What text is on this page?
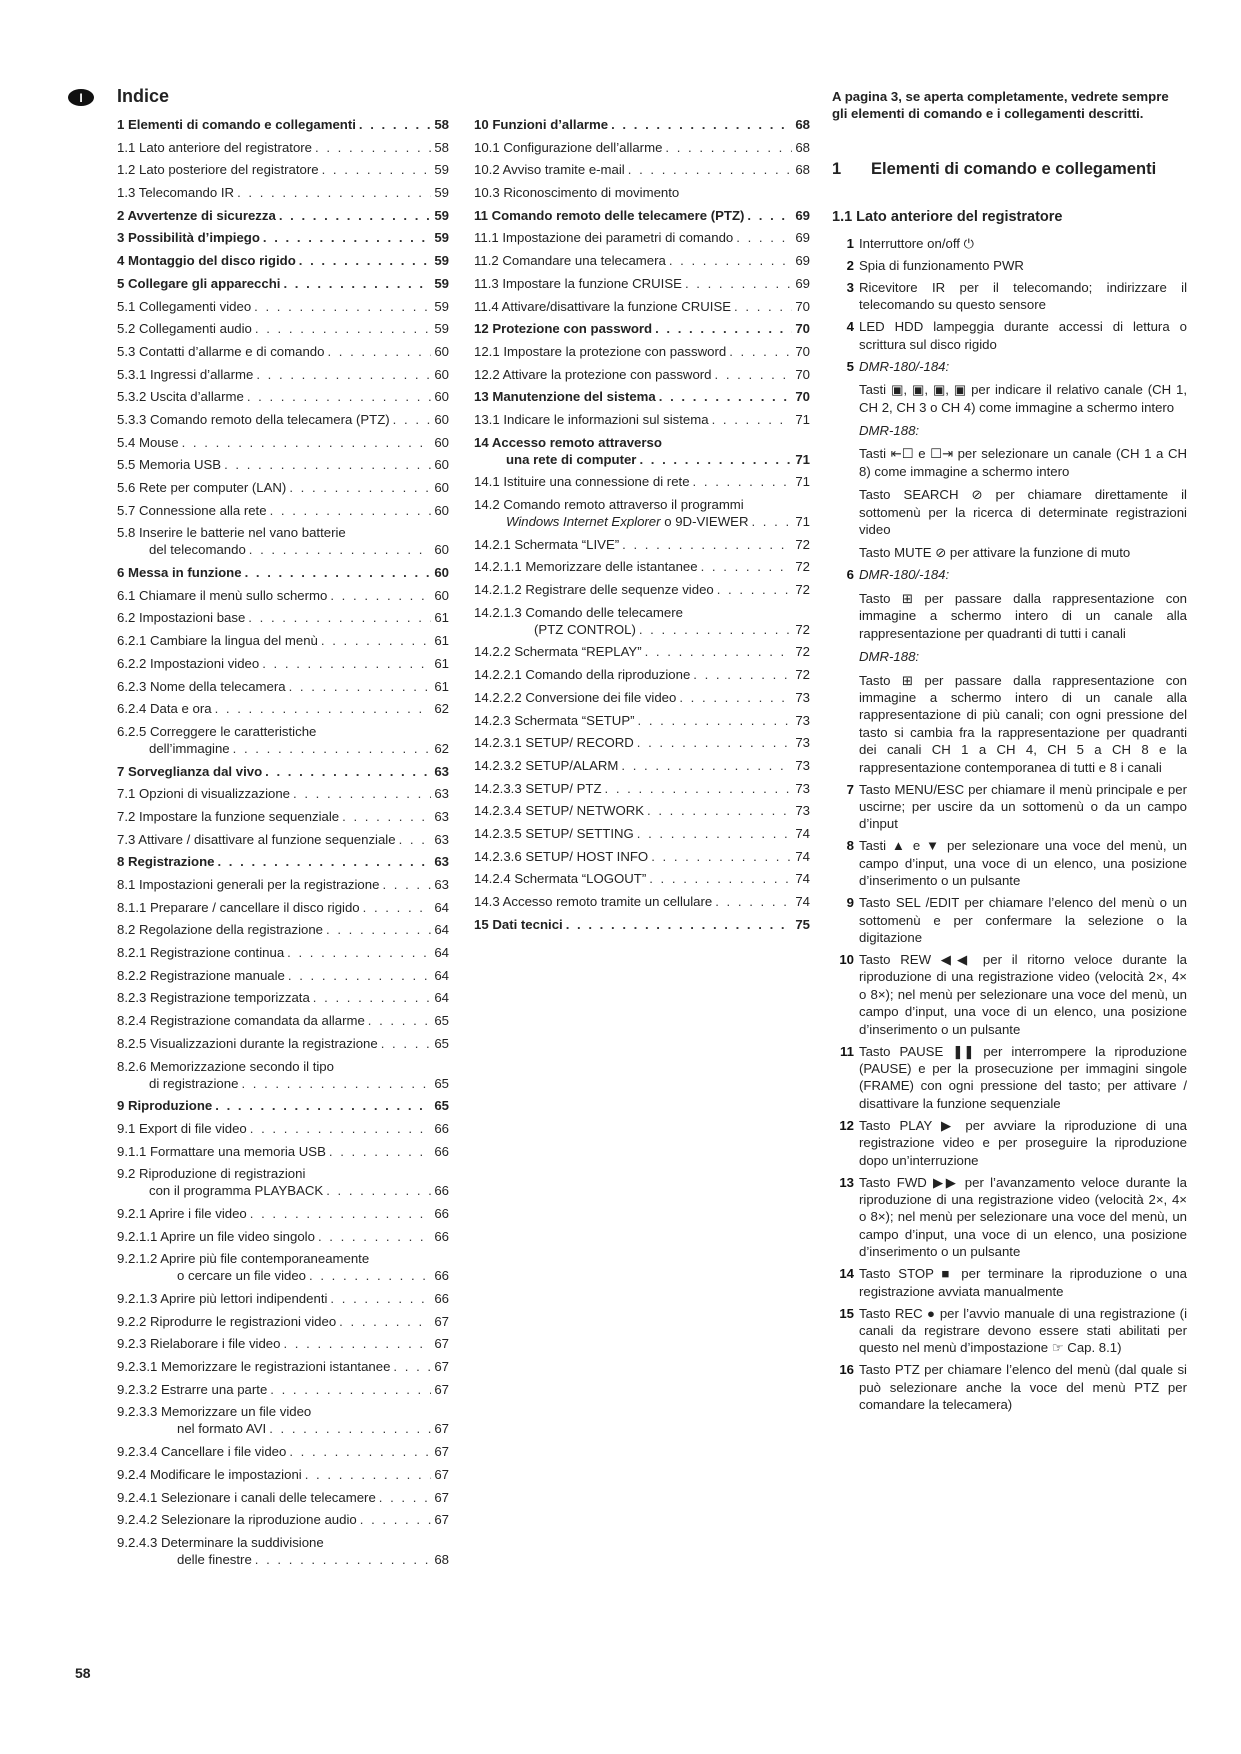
I	Indice
1 Elementi di comando e collegamenti . . .	58
1.1 Lato anteriore del registratore . . .	58
1.2 Lato posteriore del registratore . . .	59
1.3 Telecomando IR . . .	59
2 Avvertenze di sicurezza . . .	59
3 Possibilità d’impiego . . .	59
4 Montaggio del disco rigido . . .	59
5 Collegare gli apparecchi . . .	59
5.1 Collegamenti video . . .	59
5.2 Collegamenti audio . . .	59
5.3 Contatti d’allarme e di comando . . .	60
5.3.1 Ingressi d’allarme . . .	60
5.3.2 Uscita d’allarme . . .	60
5.3.3 Comando remoto della telecamera (PTZ) . . .	60
5.4 Mouse . . .	60
5.5 Memoria USB . . .	60
5.6 Rete per computer (LAN) . . .	60
5.7 Connessione alla rete . . .	60
5.8 Inserire le batterie nel vano batterie
del telecomando . . .	60
6 Messa in funzione . . .	60
6.1 Chiamare il menù sullo schermo . . .	60
6.2 Impostazioni base . . .	61
6.2.1 Cambiare la lingua del menù . . .	61
6.2.2 Impostazioni video . . .	61
6.2.3 Nome della telecamera . . .	61
6.2.4 Data e ora . . .	62
6.2.5 Correggere le caratteristiche
dell’immagine . . .	62
7 Sorveglianza dal vivo . . .	63
7.1 Opzioni di visualizzazione . . .	63
7.2 Impostare la funzione sequenziale . . .	63
7.3 Attivare / disattivare al funzione sequenziale . . .	63
8 Registrazione . . .	63
8.1 Impostazioni generali per la registrazione . . .	63
8.1.1 Preparare / cancellare il disco rigido . . .	64
8.2 Regolazione della registrazione . . .	64
8.2.1 Registrazione continua . . .	64
8.2.2 Registrazione manuale . . .	64
8.2.3 Registrazione temporizzata . . .	64
8.2.4 Registrazione comandata da allarme . . .	65
8.2.5 Visualizzazioni durante la registrazione . . .	65
8.2.6 Memorizzazione secondo il tipo
di registrazione . . .	65
9 Riproduzione . . .	65
9.1 Export di file video . . .	66
9.1.1 Formattare una memoria USB . . .	66
9.2 Riproduzione di registrazioni
con il programma PLAYBACK . . .	66
9.2.1 Aprire i file video . . .	66
9.2.1.1 Aprire un file video singolo . . .	66
9.2.1.2 Aprire più file contemporaneamente
o cercare un file video . . .	66
9.2.1.3 Aprire più lettori indipendenti . . .	66
9.2.2 Riprodurre le registrazioni video . . .	67
9.2.3 Rielaborare i file video . . .	67
9.2.3.1 Memorizzare le registrazioni istantanee . . .	67
9.2.3.2 Estrarre una parte . . .	67
9.2.3.3 Memorizzare un file video
nel formato AVI . . .	67
9.2.3.4 Cancellare i file video . . .	67
9.2.4 Modificare le impostazioni . . .	67
9.2.4.1 Selezionare i canali delle telecamere . . .	67
9.2.4.2 Selezionare la riproduzione audio . . .	67
9.2.4.3 Determinare la suddivisione
delle finestre . . .	68
10 Funzioni d’allarme . . .	68
10.1 Configurazione dell’allarme . . .	68
10.2 Avviso tramite e-mail . . .	68
10.3 Riconoscimento di movimento
11 Comando remoto delle telecamere (PTZ) . . .	69
11.1 Impostazione dei parametri di comando . . .	69
11.2 Comandare una telecamera . . .	69
11.3 Impostare la funzione CRUISE . . .	69
11.4 Attivare/disattivare la funzione CRUISE . . .	70
12 Protezione con password . . .	70
12.1 Impostare la protezione con password . . .	70
12.2 Attivare la protezione con password . . .	70
13 Manutenzione del sistema . . .	70
13.1 Indicare le informazioni sul sistema . . .	71
14 Accesso remoto attraverso
una rete di computer . . .	71
14.1 Istituire una connessione di rete . . .	71
14.2 Comando remoto attraverso il programmi
Windows Internet Explorer o 9D-VIEWER . . .	71
14.2.1 Schermata “LIVE” . . .	72
14.2.1.1 Memorizzare delle istantanee . . .	72
14.2.1.2 Registrare delle sequenze video . . .	72
14.2.1.3 Comando delle telecamere
(PTZ CONTROL) . . .	72
14.2.2 Schermata “REPLAY” . . .	72
14.2.2.1 Comando della riproduzione . . .	72
14.2.2.2 Conversione dei file video . . .	73
14.2.3 Schermata “SETUP” . . .	73
14.2.3.1 SETUP/ RECORD . . .	73
14.2.3.2 SETUP/ALARM . . .	73
14.2.3.3 SETUP/ PTZ . . .	73
14.2.3.4 SETUP/ NETWORK . . .	73
14.2.3.5 SETUP/ SETTING . . .	74
14.2.3.6 SETUP/ HOST INFO . . .	74
14.2.4 Schermata “LOGOUT” . . .	74
14.3 Accesso remoto tramite un cellulare . . .	74
15 Dati tecnici . . .	75
A pagina 3, se aperta completamente, vedrete sempre gli elementi di comando e i collegamenti descritti.
1	Elementi di comando e collegamenti
1.1 Lato anteriore del registratore
1 Interruttore on/off ⏻

2 Spia di funzionamento PWR

3 Ricevitore IR per il telecomando; indirizzare il telecomando su questo sensore

4 LED HDD lampeggia durante accessi di lettura o scrittura sul disco rigido

5 DMR-180/-184:

Tasti ▣, ▣, ▣, ▣ per indicare il relativo canale (CH 1, CH 2, CH 3 o CH 4) come immagine a schermo intero

DMR-188:

Tasti ⇤☐ e ☐⇥ per selezionare un canale (CH 1 a CH 8) come immagine a schermo intero

Tasto SEARCH ⊘ per chiamare direttamente il sottomenù per la ricerca di determinate registrazioni video

Tasto MUTE ⊘ per attivare la funzione di muto

6 DMR-180/-184:

Tasto ⊞ per passare dalla rappresentazione con immagine a schermo intero di un canale alla rappresentazione per quadranti di tutti i canali

DMR-188:

Tasto ⊞ per passare dalla rappresentazione con immagine a schermo intero di un canale alla rappresentazione di più canali; con ogni pressione del tasto si cambia fra la rappresentazione per quadranti dei canali CH 1 a CH 4, CH 5 a CH 8 e la rappresentazione contemporanea di tutti e 8 i canali

7 Tasto MENU/ESC per chiamare il menù principale e per uscirne; per uscire da un sottomenù o da un campo d’input

8 Tasti ▲ e ▼ per selezionare una voce del menù, un campo d’input, una voce di un elenco, una posizione d’inserimento o un pulsante

9 Tasto SEL /EDIT per chiamare l’elenco del menù o un sottomenù e per confermare la selezione o la digitazione

10 Tasto REW ◀◀ per il ritorno veloce durante la riproduzione di una registrazione video (velocità 2×, 4× o 8×); nel menù per selezionare una voce del menù, un campo d’input, una voce di un elenco, una posizione d’inserimento o un pulsante

11 Tasto PAUSE ❚❚ per interrompere la riproduzione (PAUSE) e per la prosecuzione per immagini singole (FRAME) con ogni pressione del tasto; per attivare / disattivare la funzione sequenziale

12 Tasto PLAY ▶ per avviare la riproduzione di una registrazione video e per proseguire la riproduzione dopo un’interruzione

13 Tasto FWD ▶▶ per l’avanzamento veloce durante la riproduzione di una registrazione video (velocità 2×, 4× o 8×); nel menù per selezionare una voce del menù, un campo d’input, una voce di un elenco, una posizione d’inserimento o un pulsante

14 Tasto STOP ■ per terminare la riproduzione o una registrazione avviata manualmente

15 Tasto REC ● per l’avvio manuale di una registrazione (i canali da registrare devono essere stati abilitati per questo nel menù d’impostazione ☞ Cap. 8.1)

16 Tasto PTZ per chiamare l’elenco del menù (dal quale si può selezionare anche la voce del menù PTZ per comandare la telecamera)

58
